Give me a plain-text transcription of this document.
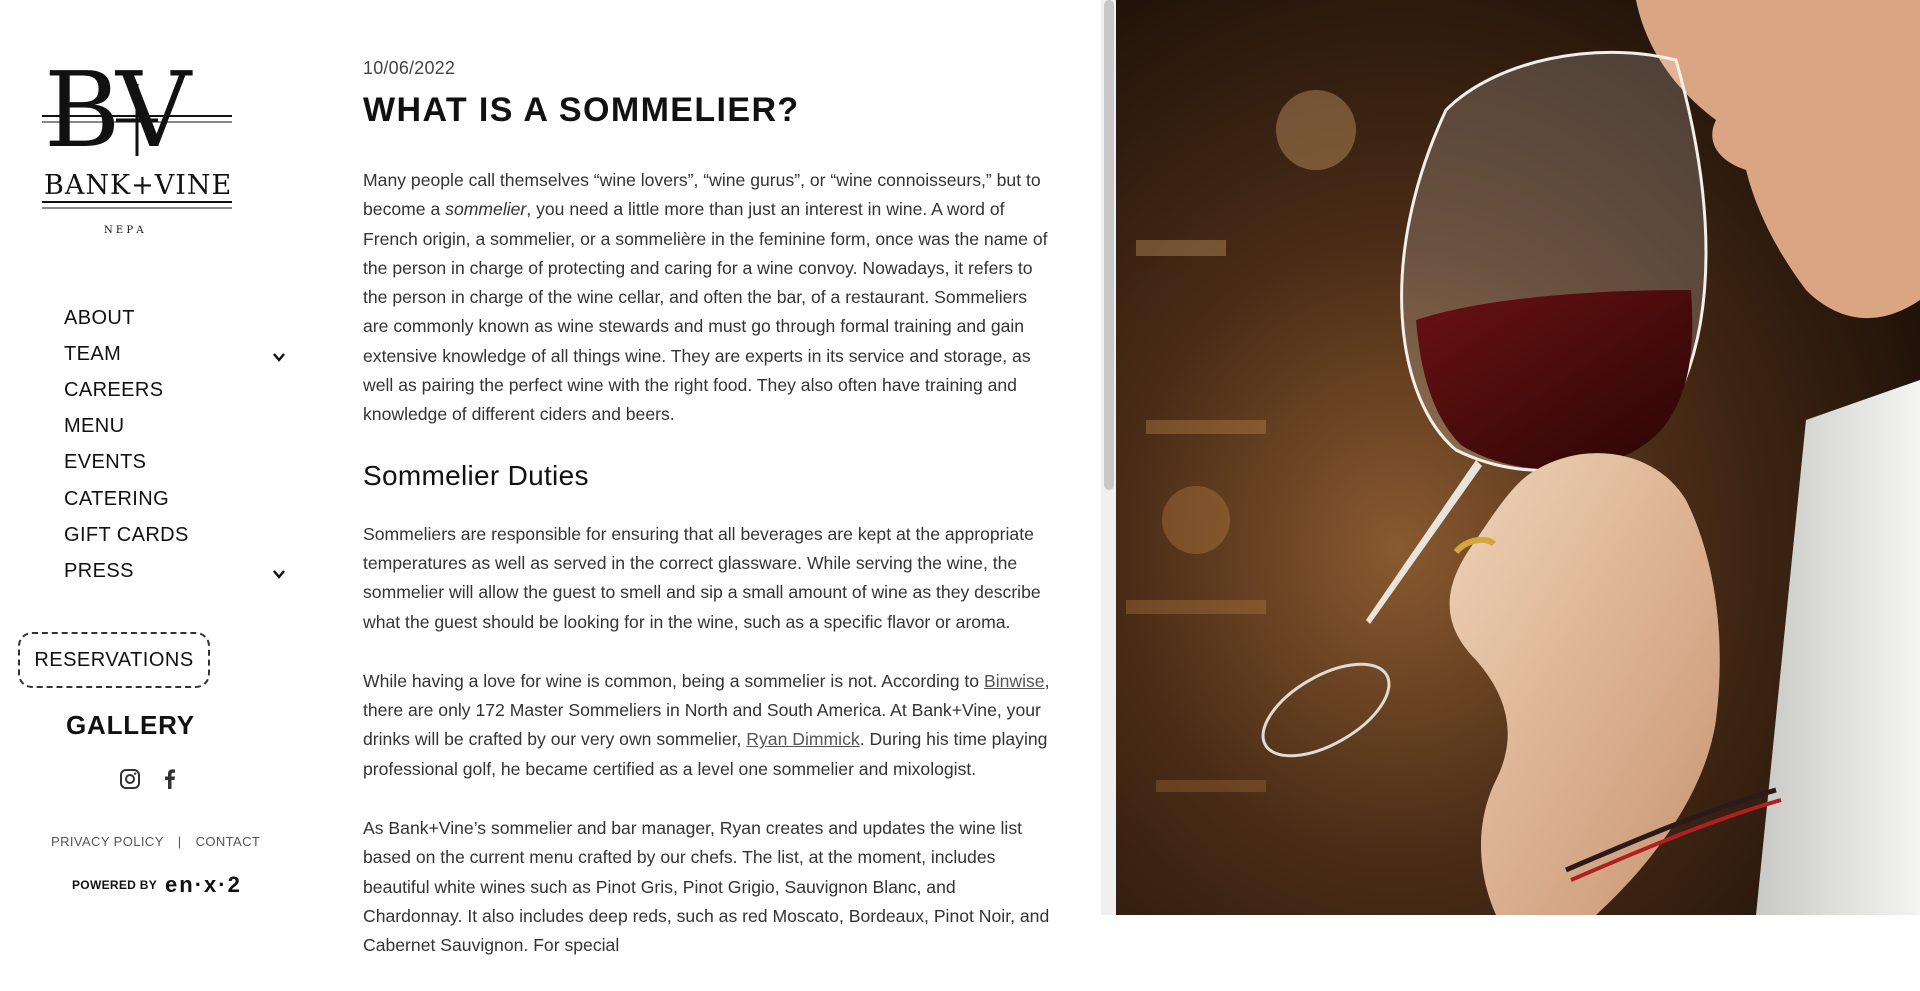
B
V
BANK+VINE
N E P A
ABOUT
TEAM
CAREERS
MENU
EVENTS
CATERING
GIFT CARDS
PRESS
RESERVATIONS
GALLERY
PRIVACY POLICY | CONTACT
POWERED BY en·x·2
10/06/2022
WHAT IS A SOMMELIER?

Many people call themselves “wine lovers”, “wine gurus”, or “wine connoisseurs,” but to become a sommelier, you need a little more than just an interest in wine. A word of French origin, a sommelier, or a sommelière in the feminine form, once was the name of the person in charge of protecting and caring for a wine convoy. Nowadays, it refers to the person in charge of the wine cellar, and often the bar, of a restaurant. Sommeliers are commonly known as wine stewards and must go through formal training and gain extensive knowledge of all things wine. They are experts in its service and storage, as well as pairing the perfect wine with the right food. They also often have training and knowledge of different ciders and beers.

Sommelier Duties

Sommeliers are responsible for ensuring that all beverages are kept at the appropriate temperatures as well as served in the correct glassware. While serving the wine, the sommelier will allow the guest to smell and sip a small amount of wine as they describe what the guest should be looking for in the wine, such as a specific flavor or aroma.

While having a love for wine is common, being a sommelier is not. According to Binwise, there are only 172 Master Sommeliers in North and South America. At Bank+Vine, your drinks will be crafted by our very own sommelier, Ryan Dimmick. During his time playing professional golf, he became certified as a level one sommelier and mixologist.

As Bank+Vine’s sommelier and bar manager, Ryan creates and updates the wine list based on the current menu crafted by our chefs. The list, at the moment, includes beautiful white wines such as Pinot Gris, Pinot Grigio, Sauvignon Blanc, and Chardonnay. It also includes deep reds, such as red Moscato, Bordeaux, Pinot Noir, and Cabernet Sauvignon. For special
